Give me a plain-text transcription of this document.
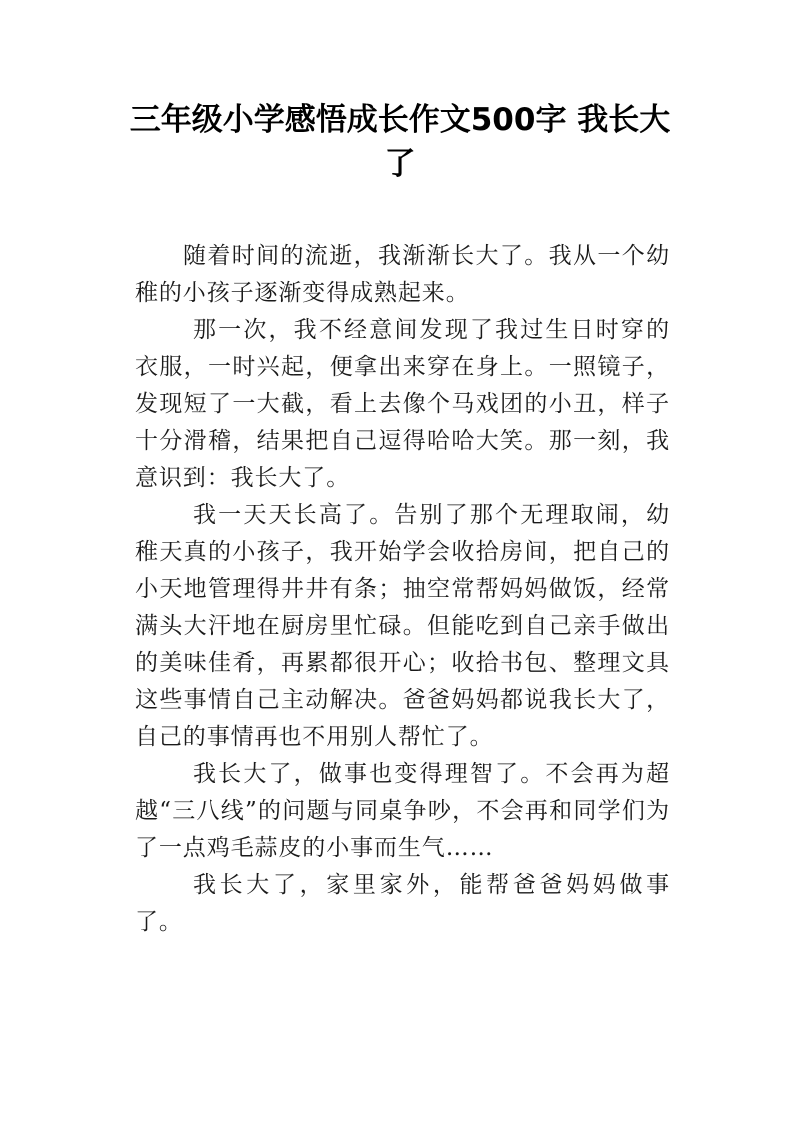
三年级小学感悟成长作文500字 我长大了

随着时间的流逝，我渐渐长大了。我从一个幼稚的小孩子逐渐变得成熟起来。

那一次，我不经意间发现了我过生日时穿的衣服，一时兴起，便拿出来穿在身上。一照镜子，发现短了一大截，看上去像个马戏团的小丑，样子十分滑稽，结果把自己逗得哈哈大笑。那一刻，我意识到：我长大了。

我一天天长高了。告别了那个无理取闹，幼稚天真的小孩子，我开始学会收拾房间，把自己的小天地管理得井井有条；抽空常帮妈妈做饭，经常满头大汗地在厨房里忙碌。但能吃到自己亲手做出的美味佳肴，再累都很开心；收拾书包、整理文具这些事情自己主动解决。爸爸妈妈都说我长大了，自己的事情再也不用别人帮忙了。

我长大了，做事也变得理智了。不会再为超越“三八线”的问题与同桌争吵，不会再和同学们为了一点鸡毛蒜皮的小事而生气……

我长大了，家里家外，能帮爸爸妈妈做事了。
